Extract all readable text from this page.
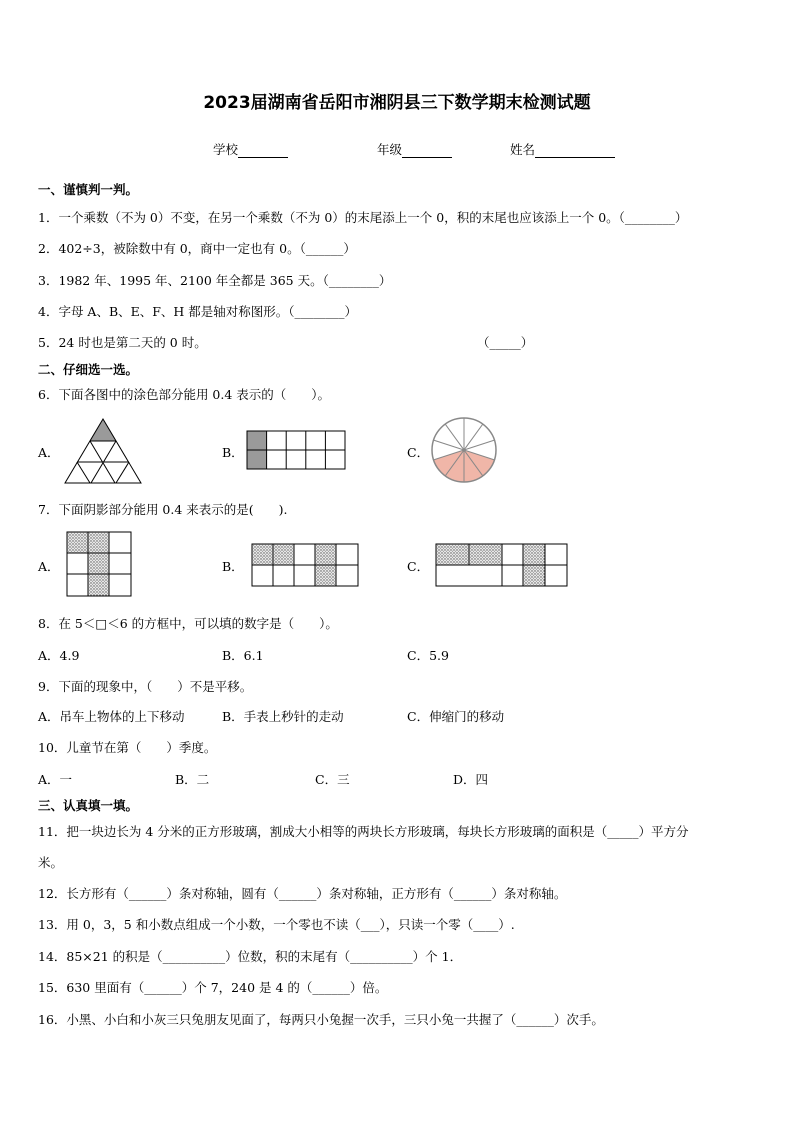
2023届湖南省岳阳市湘阴县三下数学期末检测试题
学校	年级	姓名
一、谨慎判一判。
1．一个乘数（不为 0）不变，在另一个乘数（不为 0）的末尾添上一个 0，积的末尾也应该添上一个 0。（________）
2．402÷3，被除数中有 0，商中一定也有 0。（______）
3．1982 年、1995 年、2100 年全都是 365 天。（________）
4．字母 A、B、E、F、H 都是轴对称图形。（________）
5．24 时也是第二天的 0 时。	（_____）
二、仔细选一选。
6．下面各图中的涂色部分能用 0.4 表示的（　　）。
A．	B．	C．
7．下面阴影部分能用 0.4 来表示的是(　　).
A．	B．	C．
8．在 5＜□＜6 的方框中，可以填的数字是（　　）。
A．4.9	B．6.1	C．5.9
9．下面的现象中，（　　）不是平移。
A．吊车上物体的上下移动	B．手表上秒针的走动	C．伸缩门的移动
10．儿童节在第（　　）季度。
A．一	B．二	C．三	D．四
三、认真填一填。
11．把一块边长为 4 分米的正方形玻璃，割成大小相等的两块长方形玻璃，每块长方形玻璃的面积是（_____）平方分
米。
12．长方形有（______）条对称轴，圆有（______）条对称轴，正方形有（______）条对称轴。
13．用 0，3，5 和小数点组成一个小数，一个零也不读（___），只读一个零（____）.
14．85×21 的积是（__________）位数，积的末尾有（__________）个 1．
15．630 里面有（______）个 7，240 是 4 的（______）倍。
16．小黑、小白和小灰三只兔朋友见面了，每两只小兔握一次手，三只小兔一共握了（______）次手。
